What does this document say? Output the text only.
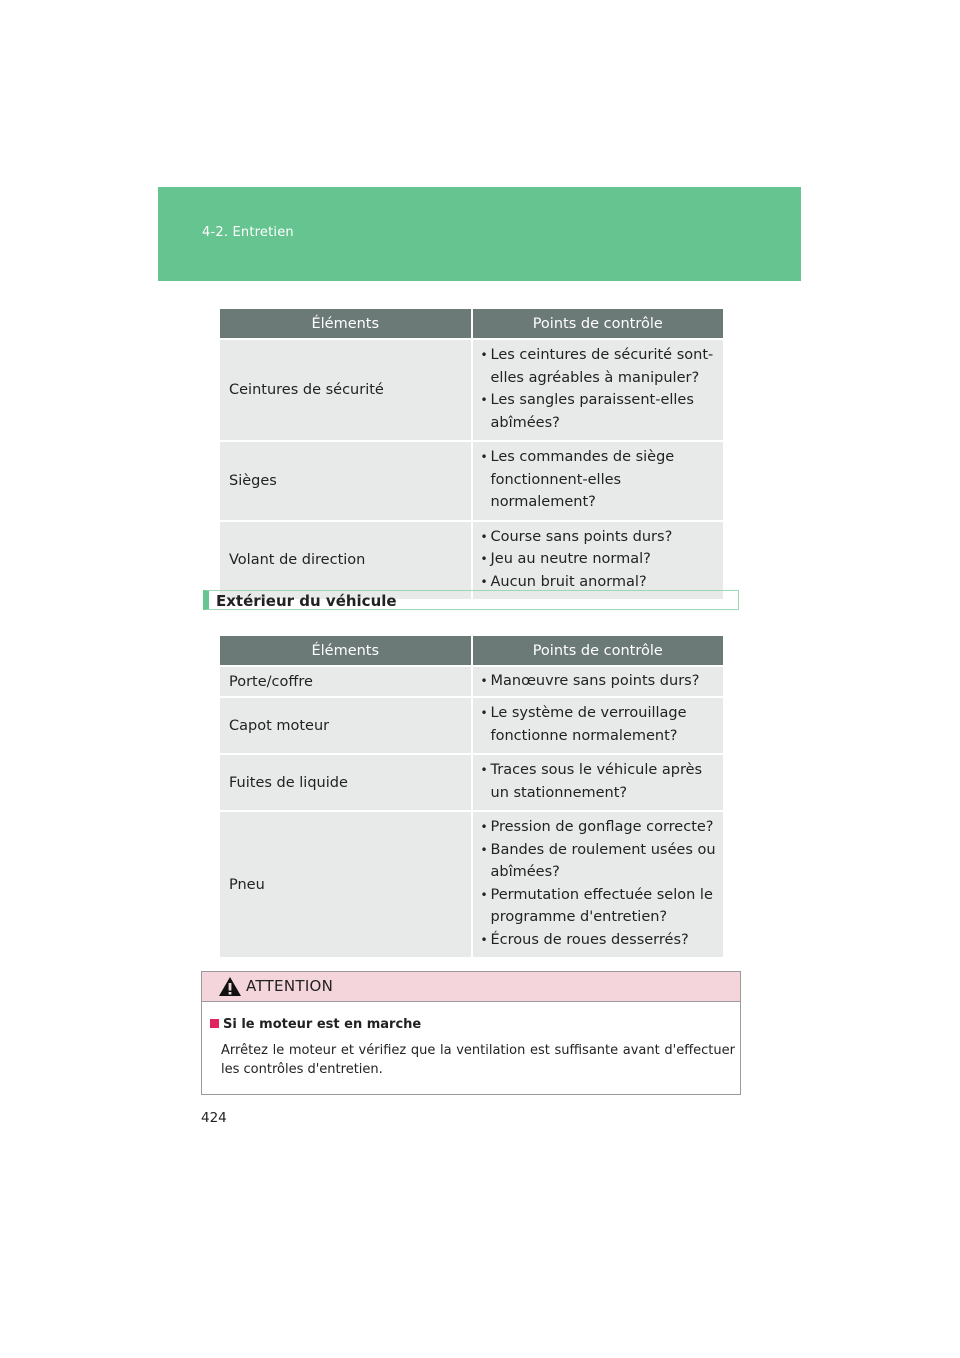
4-2. Entretien
Éléments	Points de contrôle
Ceintures de sécurité	• Les ceintures de sécurité sont-elles agréables à manipuler?
• Les sangles paraissent-elles abîmées?

Sièges	• Les commandes de siège fonctionnent-elles normalement?

Volant de direction	• Course sans points durs?
• Jeu au neutre normal?
• Aucun bruit anormal?
Extérieur du véhicule
Éléments	Points de contrôle
Porte/coffre	• Manœuvre sans points durs?

Capot moteur	• Le système de verrouillage fonctionne normalement?

Fuites de liquide	• Traces sous le véhicule après un stationnement?

Pneu	• Pression de gonflage correcte?
• Bandes de roulement usées ou abîmées?
• Permutation effectuée selon le programme d'entretien?
• Écrous de roues desserrés?
ATTENTION
Si le moteur est en marche
Arrêtez le moteur et vérifiez que la ventilation est suffisante avant d'effectuer les contrôles d'entretien.
424
